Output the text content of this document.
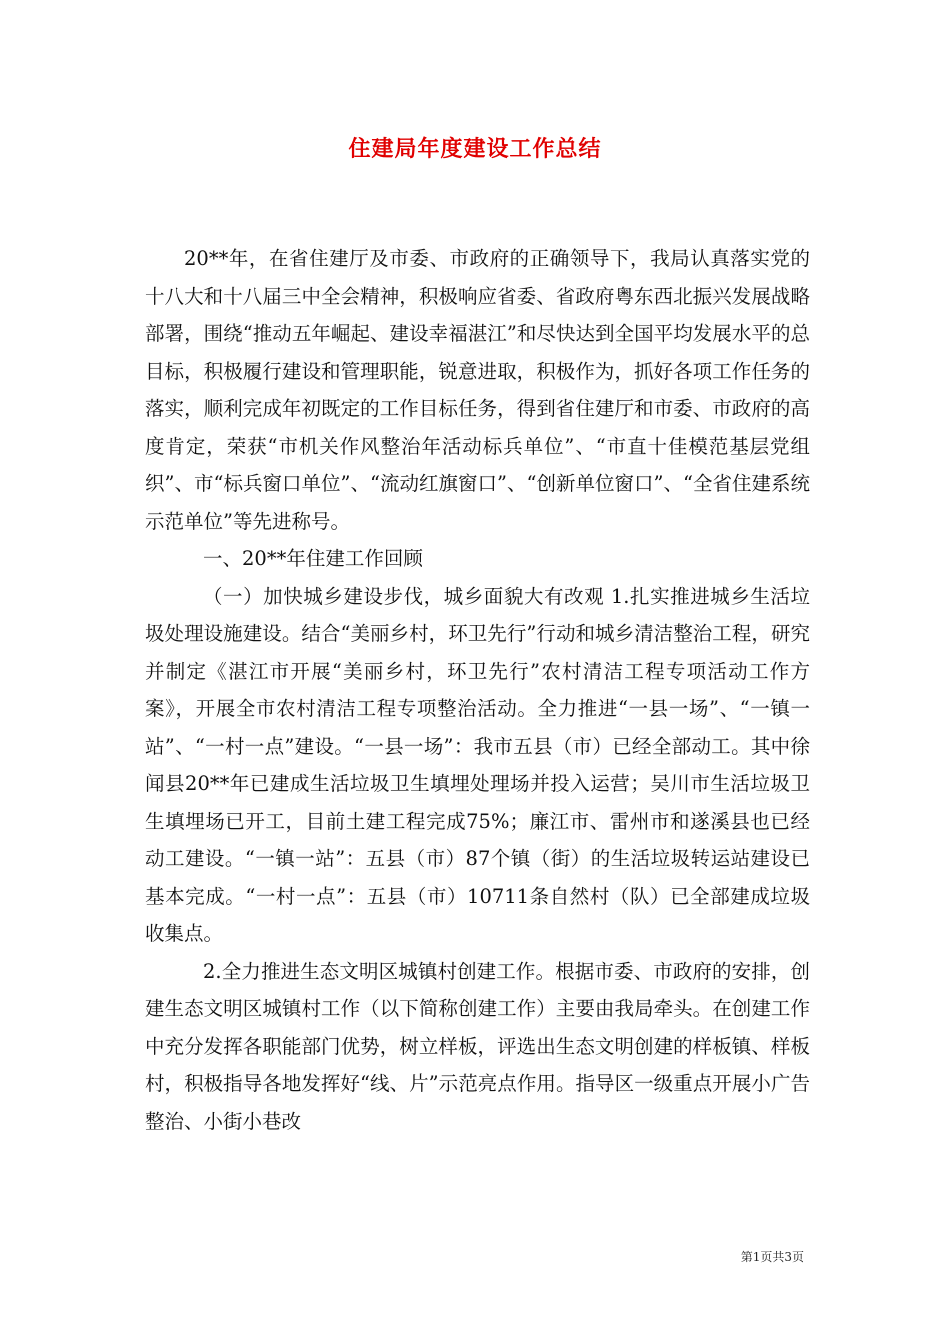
住建局年度建设工作总结

20**年，在省住建厅及市委、市政府的正确领导下，我局认真落实党的十八大和十八届三中全会精神，积极响应省委、省政府粤东西北振兴发展战略部署，围绕“推动五年崛起、建设幸福湛江”和尽快达到全国平均发展水平的总目标，积极履行建设和管理职能，锐意进取，积极作为，抓好各项工作任务的落实，顺利完成年初既定的工作目标任务，得到省住建厅和市委、市政府的高度肯定，荣获“市机关作风整治年活动标兵单位”、“市直十佳模范基层党组织”、市“标兵窗口单位”、“流动红旗窗口”、“创新单位窗口”、“全省住建系统示范单位”等先进称号。

一、20**年住建工作回顾

（一）加快城乡建设步伐，城乡面貌大有改观 1.扎实推进城乡生活垃圾处理设施建设。结合“美丽乡村，环卫先行”行动和城乡清洁整治工程，研究并制定《湛江市开展“美丽乡村，环卫先行”农村清洁工程专项活动工作方案》，开展全市农村清洁工程专项整治活动。全力推进“一县一场”、“一镇一站”、“一村一点”建设。“一县一场”：我市五县（市）已经全部动工。其中徐闻县20**年已建成生活垃圾卫生填埋处理场并投入运营；吴川市生活垃圾卫生填埋场已开工，目前土建工程完成75%；廉江市、雷州市和遂溪县也已经动工建设。“一镇一站”：五县（市）87个镇（街）的生活垃圾转运站建设已基本完成。“一村一点”：五县（市）10711条自然村（队）已全部建成垃圾收集点。

2.全力推进生态文明区城镇村创建工作。根据市委、市政府的安排，创建生态文明区城镇村工作（以下简称创建工作）主要由我局牵头。在创建工作中充分发挥各职能部门优势，树立样板，评选出生态文明创建的样板镇、样板村，积极指导各地发挥好“线、片”示范亮点作用。指导区一级重点开展小广告整治、小街小巷改

第1页共3页
